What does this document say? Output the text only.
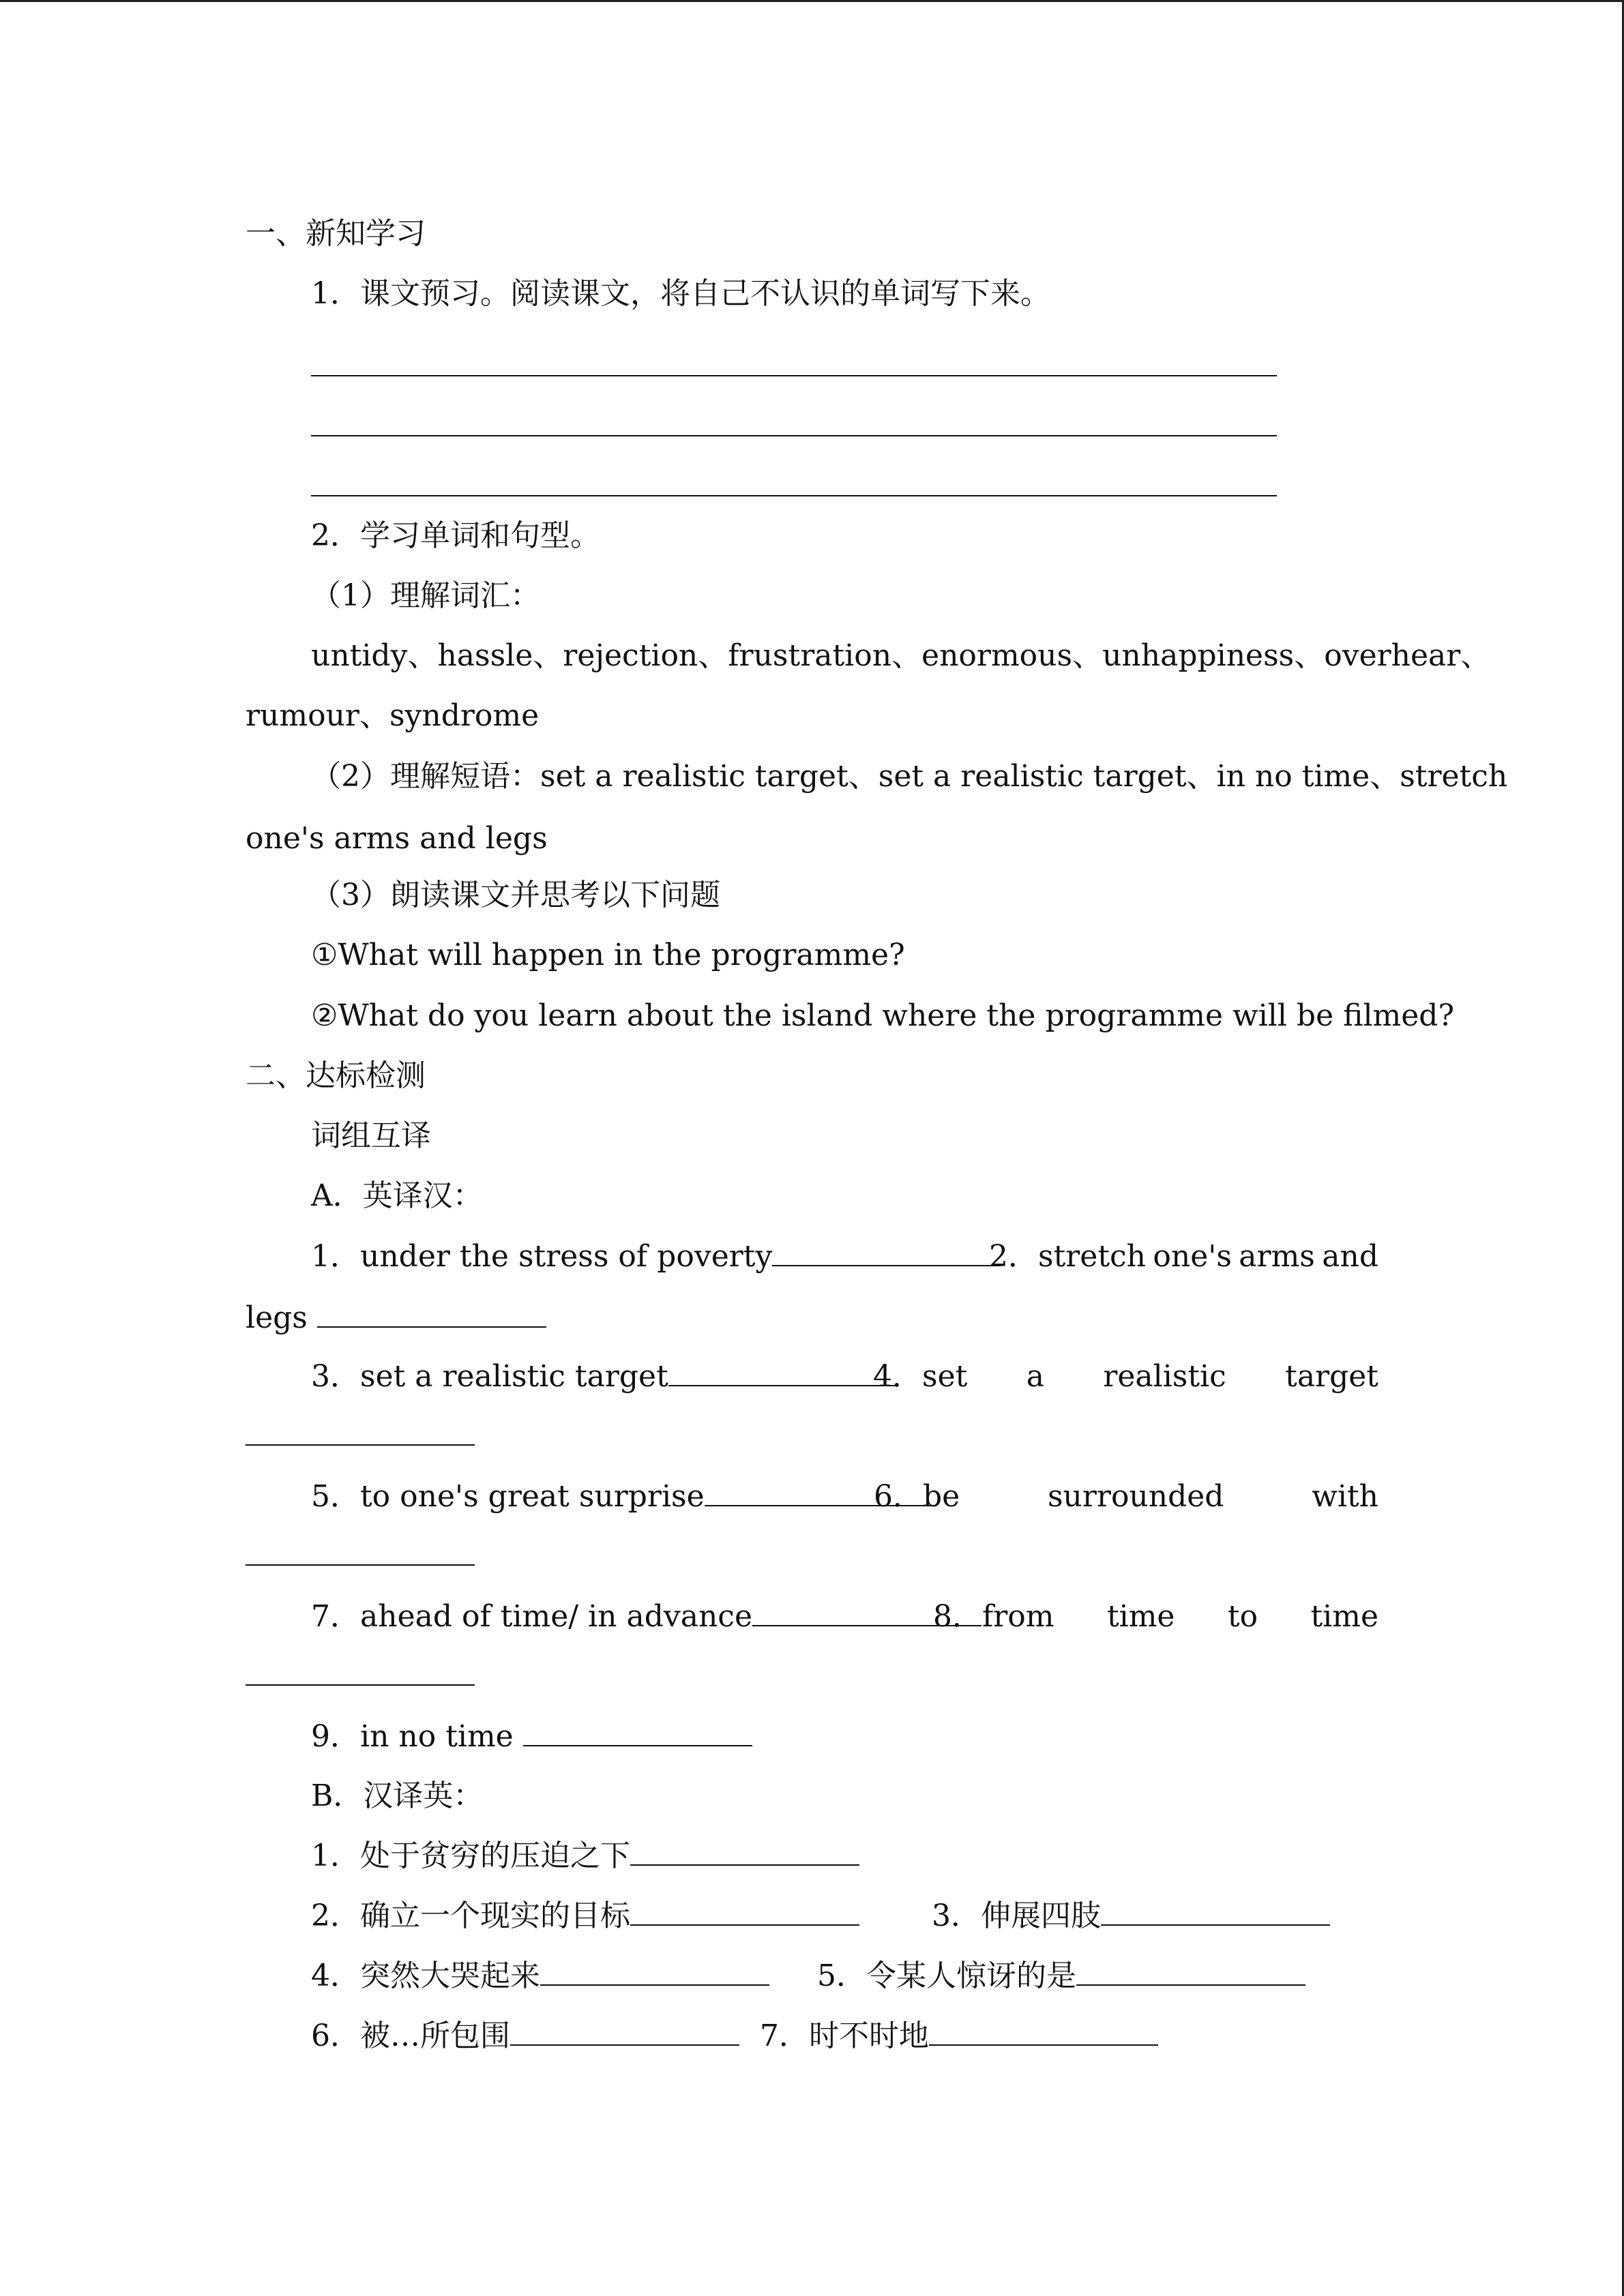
一、新知学习
1．课文预习。阅读课文，将自己不认识的单词写下来。
2．学习单词和句型。
（1）理解词汇：
untidy、hassle、rejection、frustration、enormous、unhappiness、overhear、
rumour、syndrome
（2）理解短语：set a realistic target、set a realistic target、in no time、stretch
one's arms and legs
（3）朗读课文并思考以下问题
①What will happen in the programme?
②What do you learn about the island where the programme will be filmed?
二、达标检测
词组互译
A．英译汉：
1．under the stress of poverty	2．stretch one's arms and
legs
3．set a realistic target	4．set a realistic target
5．to one's great surprise	6．be	surrounded	with
7．ahead of time/ in advance	8．from time to time
9．in no time
B．汉译英：
1．处于贫穷的压迫之下
2．确立一个现实的目标	3．伸展四肢
4．突然大哭起来	5．令某人惊讶的是
6．被…所包围	7．时不时地
